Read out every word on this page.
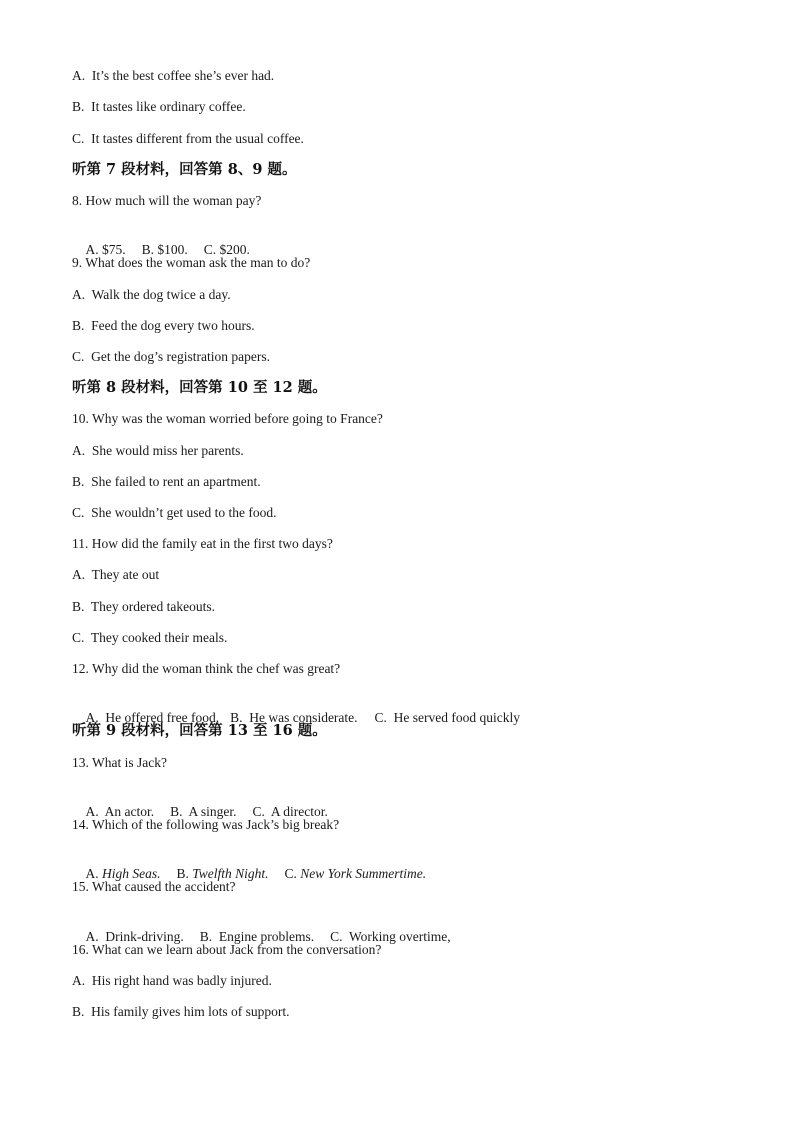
A.  It’s the best coffee she’s ever had.
B.  It tastes like ordinary coffee.
C.  It tastes different from the usual coffee.
听第 7 段材料，回答第 8、9 题。
8. How much will the woman pay?

A. $75. B. $100. C. $200.

9. What does the woman ask the man to do?
A.  Walk the dog twice a day.
B.  Feed the dog every two hours.
C.  Get the dog’s registration papers.
听第 8 段材料，回答第 10 至 12 题。
10. Why was the woman worried before going to France?
A.  She would miss her parents.
B.  She failed to rent an apartment.
C.  She wouldn’t get used to the food.
11. How did the family eat in the first two days?
A.  They ate out
B.  They ordered takeouts.
C.  They cooked their meals.
12. Why did the woman think the chef was great?

A.  He offered free food. B.  He was considerate. C.  He served food quickly

听第 9 段材料，回答第 13 至 16 题。
13. What is Jack?

A.  An actor. B.  A singer. C.  A director.

14. Which of the following was Jack’s big break?

A. High Seas. B. Twelfth Night. C. New York Summertime.

15. What caused the accident?

A.  Drink-driving. B.  Engine problems. C.  Working overtime,

16. What can we learn about Jack from the conversation?
A.  His right hand was badly injured.
B.  His family gives him lots of support.
